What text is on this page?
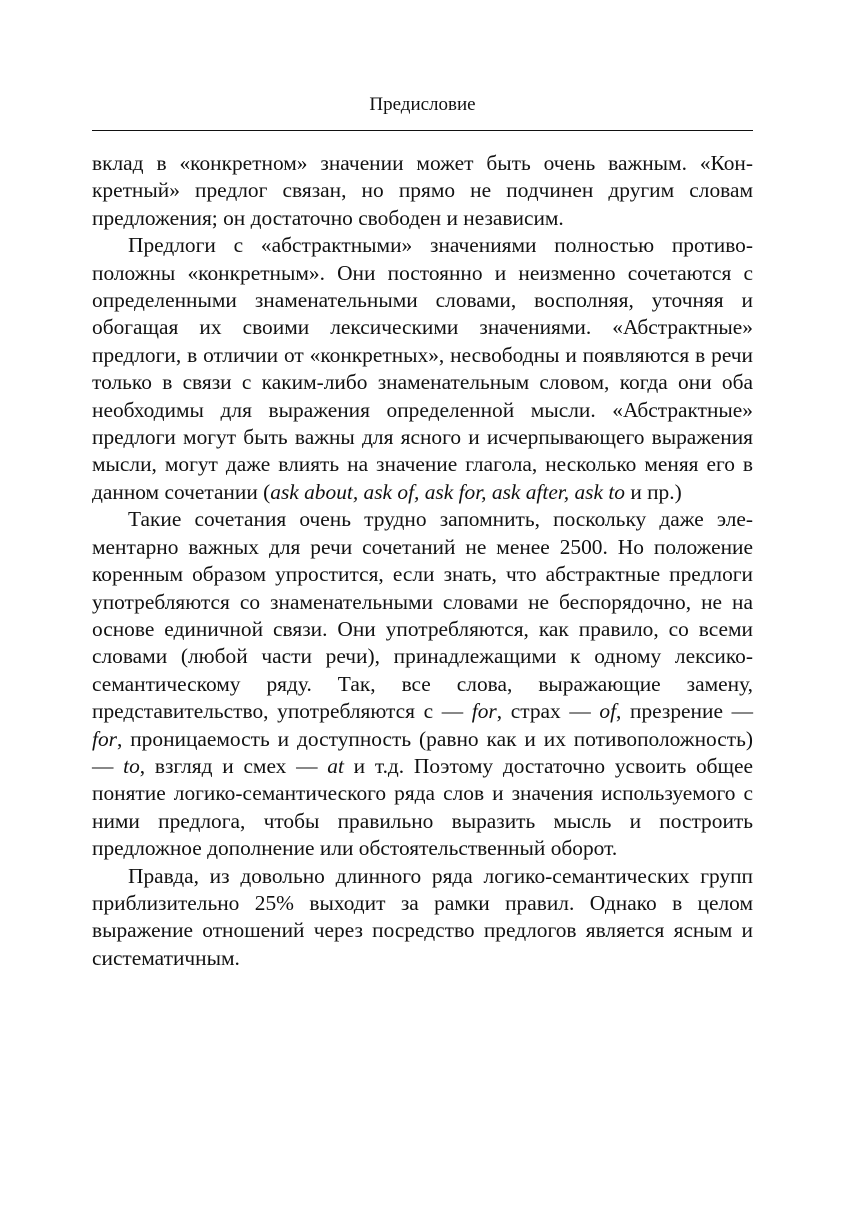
Предисловие

вклад в «конкретном» значении может быть очень важным. «Конкретный» предлог связан, но прямо не подчинен другим словам предложения; он достаточно свободен и независим.

Предлоги с «абстрактными» значениями полностью противоположны «конкретным». Они постоянно и неизменно сочетаются с определенными знаменательными словами, восполняя, уточняя и обогащая их своими лексическими значениями. «Абстрактные» предлоги, в отличии от «конкретных», несвободны и появляются в речи только в связи с каким-либо знаменательным словом, когда они оба необходимы для выражения определенной мысли. «Абстрактные» предлоги могут быть важны для ясного и исчерпывающего выражения мысли, могут даже влиять на значение глагола, несколько меняя его в данном сочетании (ask about, ask of, ask for, ask after, ask to и пр.)

Такие сочетания очень трудно запомнить, поскольку даже элементарно важных для речи сочетаний не менее 2500. Но положение коренным образом упростится, если знать, что абстрактные предлоги употребляются со знаменательными словами не беспорядочно, не на основе единичной связи. Они употребляются, как правило, со всеми словами (любой части речи), принадлежащими к одному лексико-семантическому ряду. Так, все слова, выражающие замену, представительство, употребляются с — for, страх — of, презрение — for, проницаемость и доступность (равно как и их потивоположность) — to, взгляд и смех — at и т.д. Поэтому достаточно усвоить общее понятие логико-семантического ряда слов и значения используемого с ними предлога, чтобы правильно выразить мысль и построить предложное дополнение или обстоятельственный оборот.

Правда, из довольно длинного ряда логико-семантических групп приблизительно 25% выходит за рамки правил. Однако в целом выражение отношений через посредство предлогов является ясным и систематичным.
